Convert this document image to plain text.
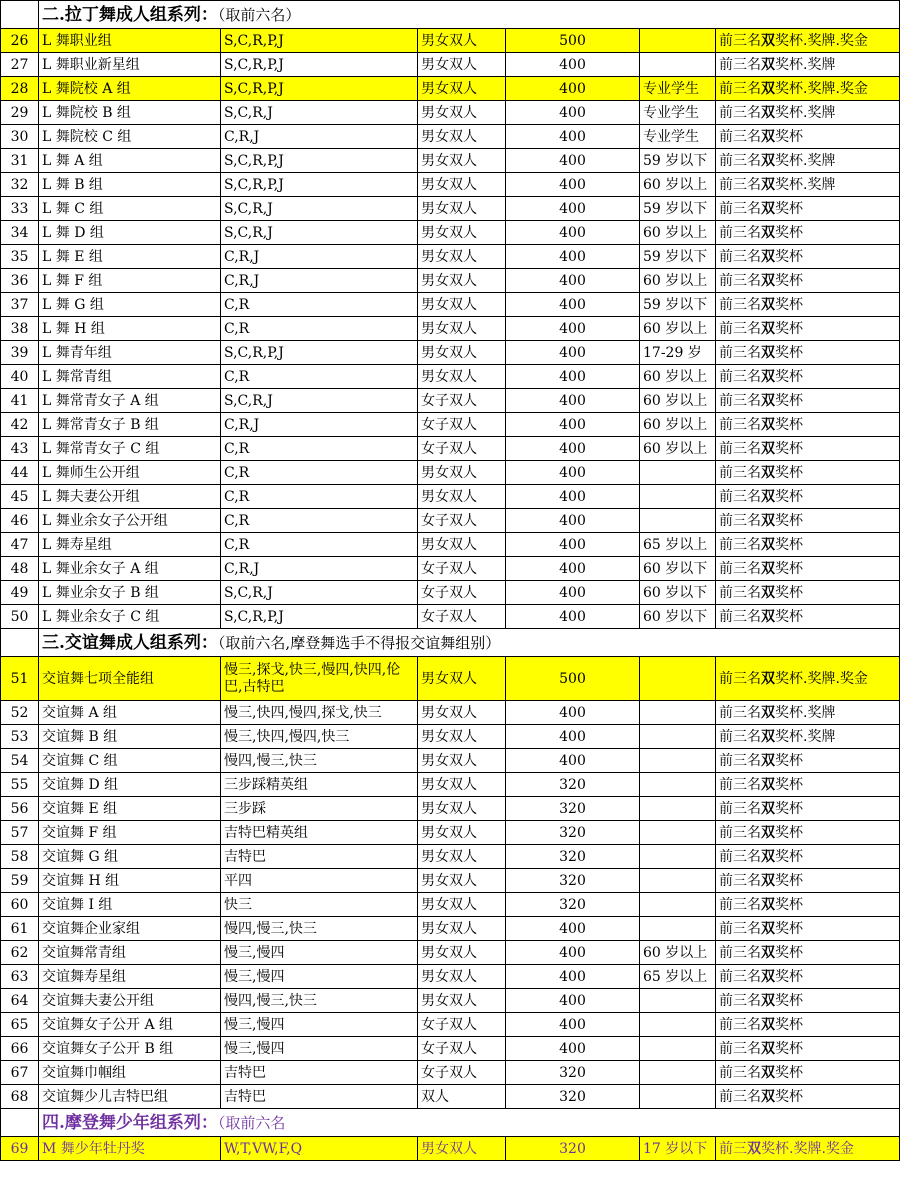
	二.拉丁舞成人组系列：（取前六名）					
26	L 舞职业组	S,C,R,P,J	男女双人	500		前三名双奖杯.奖牌.奖金
27	L 舞职业新星组	S,C,R,P,J	男女双人	400		前三名双奖杯.奖牌
28	L 舞院校 A 组	S,C,R,P,J	男女双人	400	专业学生	前三名双奖杯.奖牌.奖金
29	L 舞院校 B 组	S,C,R,J	男女双人	400	专业学生	前三名双奖杯.奖牌
30	L 舞院校 C 组	C,R,J	男女双人	400	专业学生	前三名双奖杯
31	L 舞 A 组	S,C,R,P,J	男女双人	400	59 岁以下	前三名双奖杯.奖牌
32	L 舞 B 组	S,C,R,P,J	男女双人	400	60 岁以上	前三名双奖杯.奖牌
33	L 舞 C 组	S,C,R,J	男女双人	400	59 岁以下	前三名双奖杯
34	L 舞 D 组	S,C,R,J	男女双人	400	60 岁以上	前三名双奖杯
35	L 舞 E 组	C,R,J	男女双人	400	59 岁以下	前三名双奖杯
36	L 舞 F 组	C,R,J	男女双人	400	60 岁以上	前三名双奖杯
37	L 舞 G 组	C,R	男女双人	400	59 岁以下	前三名双奖杯
38	L 舞 H 组	C,R	男女双人	400	60 岁以上	前三名双奖杯
39	L 舞青年组	S,C,R,P,J	男女双人	400	17-29 岁	前三名双奖杯
40	L 舞常青组	C,R	男女双人	400	60 岁以上	前三名双奖杯
41	L 舞常青女子 A 组	S,C,R,J	女子双人	400	60 岁以上	前三名双奖杯
42	L 舞常青女子 B 组	C,R,J	女子双人	400	60 岁以上	前三名双奖杯
43	L 舞常青女子 C 组	C,R	女子双人	400	60 岁以上	前三名双奖杯
44	L 舞师生公开组	C,R	男女双人	400		前三名双奖杯
45	L 舞夫妻公开组	C,R	男女双人	400		前三名双奖杯
46	L 舞业余女子公开组	C,R	女子双人	400		前三名双奖杯
47	L 舞寿星组	C,R	男女双人	400	65 岁以上	前三名双奖杯
48	L 舞业余女子 A 组	C,R,J	女子双人	400	60 岁以下	前三名双奖杯
49	L 舞业余女子 B 组	S,C,R,J	女子双人	400	60 岁以下	前三名双奖杯
50	L 舞业余女子 C 组	S,C,R,P,J	女子双人	400	60 岁以下	前三名双奖杯
	三.交谊舞成人组系列：（取前六名,摩登舞选手不得报交谊舞组别）					
51	交谊舞七项全能组	慢三,探戈,快三,慢四,快四,伦巴,古特巴	男女双人	500		前三名双奖杯.奖牌.奖金
52	交谊舞 A 组	慢三,快四,慢四,探戈,快三	男女双人	400		前三名双奖杯.奖牌
53	交谊舞 B 组	慢三,快四,慢四,快三	男女双人	400		前三名双奖杯.奖牌
54	交谊舞 C 组	慢四,慢三,快三	男女双人	400		前三名双奖杯
55	交谊舞 D 组	三步踩精英组	男女双人	320		前三名双奖杯
56	交谊舞 E 组	三步踩	男女双人	320		前三名双奖杯
57	交谊舞 F 组	吉特巴精英组	男女双人	320		前三名双奖杯
58	交谊舞 G 组	吉特巴	男女双人	320		前三名双奖杯
59	交谊舞 H 组	平四	男女双人	320		前三名双奖杯
60	交谊舞 I 组	快三	男女双人	320		前三名双奖杯
61	交谊舞企业家组	慢四,慢三,快三	男女双人	400		前三名双奖杯
62	交谊舞常青组	慢三,慢四	男女双人	400	60 岁以上	前三名双奖杯
63	交谊舞寿星组	慢三,慢四	男女双人	400	65 岁以上	前三名双奖杯
64	交谊舞夫妻公开组	慢四,慢三,快三	男女双人	400		前三名双奖杯
65	交谊舞女子公开 A 组	慢三,慢四	女子双人	400		前三名双奖杯
66	交谊舞女子公开 B 组	慢三,慢四	女子双人	400		前三名双奖杯
67	交谊舞巾帼组	吉特巴	女子双人	320		前三名双奖杯
68	交谊舞少儿吉特巴组	吉特巴	双人	320		前三名双奖杯
	四.摩登舞少年组系列：（取前六名					
69	M 舞少年牡丹奖	W,T,VW,F,Q	男女双人	320	17 岁以下	前三双奖杯.奖牌.奖金
